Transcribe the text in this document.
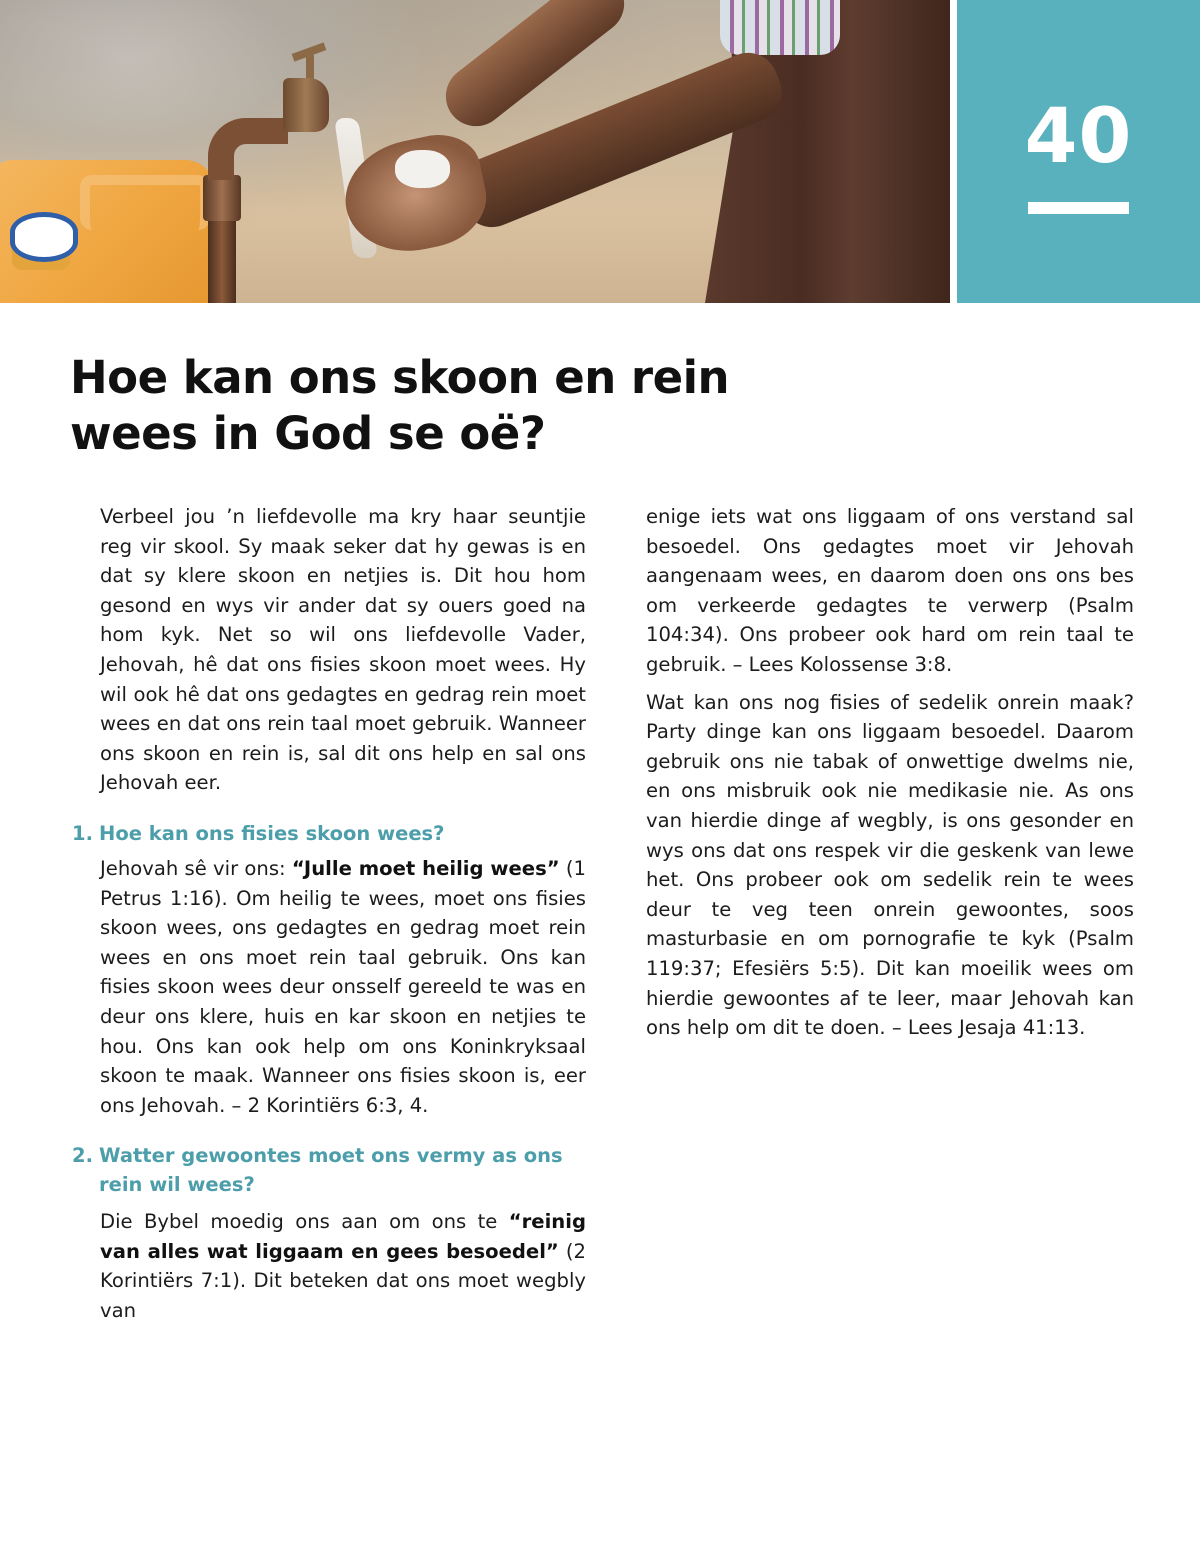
40
Hoe kan ons skoon en rein
wees in God se oë?

Verbeel jou ’n liefdevolle ma kry haar seuntjie reg vir skool. Sy maak seker dat hy gewas is en dat sy klere skoon en netjies is. Dit hou hom gesond en wys vir ander dat sy ouers goed na hom kyk. Net so wil ons liefdevolle Vader, Jehovah, hê dat ons fisies skoon moet wees. Hy wil ook hê dat ons gedagtes en gedrag rein moet wees en dat ons rein taal moet gebruik. Wanneer ons skoon en rein is, sal dit ons help en sal ons Jehovah eer.

1. Hoe kan ons fisies skoon wees?

Jehovah sê vir ons: “Julle moet heilig wees” (1 Petrus 1:16). Om heilig te wees, moet ons fisies skoon wees, ons gedagtes en gedrag moet rein wees en ons moet rein taal gebruik. Ons kan fisies skoon wees deur onsself gereeld te was en deur ons klere, huis en kar skoon en netjies te hou. Ons kan ook help om ons Koninkryksaal skoon te maak. Wanneer ons fisies skoon is, eer ons Jehovah. – 2 Korintiërs 6:3, 4.

2. Watter gewoontes moet ons vermy as ons rein wil wees?

Die Bybel moedig ons aan om ons te “reinig van alles wat liggaam en gees besoedel” (2 Korintiërs 7:1). Dit beteken dat ons moet wegbly van

enige iets wat ons liggaam of ons verstand sal besoedel. Ons gedagtes moet vir Jehovah aangenaam wees, en daarom doen ons ons bes om verkeerde gedagtes te verwerp (Psalm 104:34). Ons probeer ook hard om rein taal te gebruik. – Lees Kolossense 3:8.

Wat kan ons nog fisies of sedelik onrein maak? Party dinge kan ons liggaam besoedel. Daarom gebruik ons nie tabak of onwettige dwelms nie, en ons misbruik ook nie medikasie nie. As ons van hierdie dinge af wegbly, is ons gesonder en wys ons dat ons respek vir die geskenk van lewe het. Ons probeer ook om sedelik rein te wees deur te veg teen onrein gewoontes, soos masturbasie en om pornografie te kyk (Psalm 119:37; Efesiërs 5:5). Dit kan moeilik wees om hierdie gewoontes af te leer, maar Jehovah kan ons help om dit te doen. – Lees Jesaja 41:13.
